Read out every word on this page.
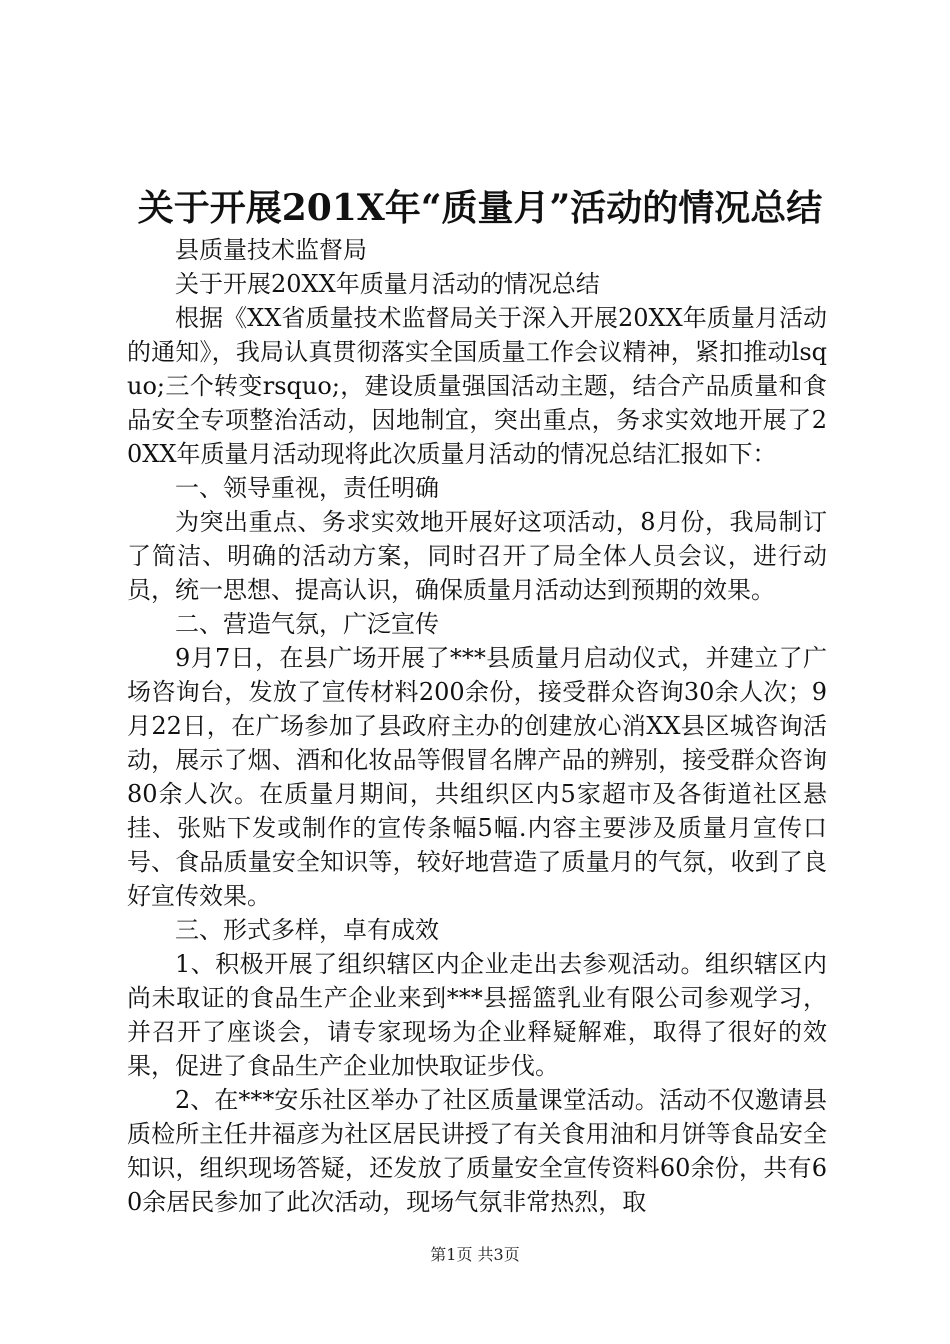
关于开展201X年“质量月”活动的情况总结

县质量技术监督局

关于开展20XX年质量月活动的情况总结

根据《XX省质量技术监督局关于深入开展20XX年质量月活动的通知》，我局认真贯彻落实全国质量工作会议精神，紧扣推动lsquo;三个转变rsquo;，建设质量强国活动主题，结合产品质量和食品安全专项整治活动，因地制宜，突出重点，务求实效地开展了20XX年质量月活动现将此次质量月活动的情况总结汇报如下：

一、领导重视，责任明确

为突出重点、务求实效地开展好这项活动，8月份，我局制订了简洁、明确的活动方案，同时召开了局全体人员会议，进行动员，统一思想、提高认识，确保质量月活动达到预期的效果。

二、营造气氛，广泛宣传

9月7日，在县广场开展了***县质量月启动仪式，并建立了广场咨询台，发放了宣传材料200余份，接受群众咨询30余人次；9月22日，在广场参加了县政府主办的创建放心消XX县区城咨询活动，展示了烟、酒和化妆品等假冒名牌产品的辨别，接受群众咨询80余人次。在质量月期间，共组织区内5家超市及各街道社区悬挂、张贴下发或制作的宣传条幅5幅.内容主要涉及质量月宣传口号、食品质量安全知识等，较好地营造了质量月的气氛，收到了良好宣传效果。

三、形式多样，卓有成效

1、积极开展了组织辖区内企业走出去参观活动。组织辖区内尚未取证的食品生产企业来到***县摇篮乳业有限公司参观学习，并召开了座谈会，请专家现场为企业释疑解难，取得了很好的效果，促进了食品生产企业加快取证步伐。

2、在***安乐社区举办了社区质量课堂活动。活动不仅邀请县质检所主任井福彦为社区居民讲授了有关食用油和月饼等食品安全知识，组织现场答疑，还发放了质量安全宣传资料60余份，共有60余居民参加了此次活动，现场气氛非常热烈，取

第1页 共3页
